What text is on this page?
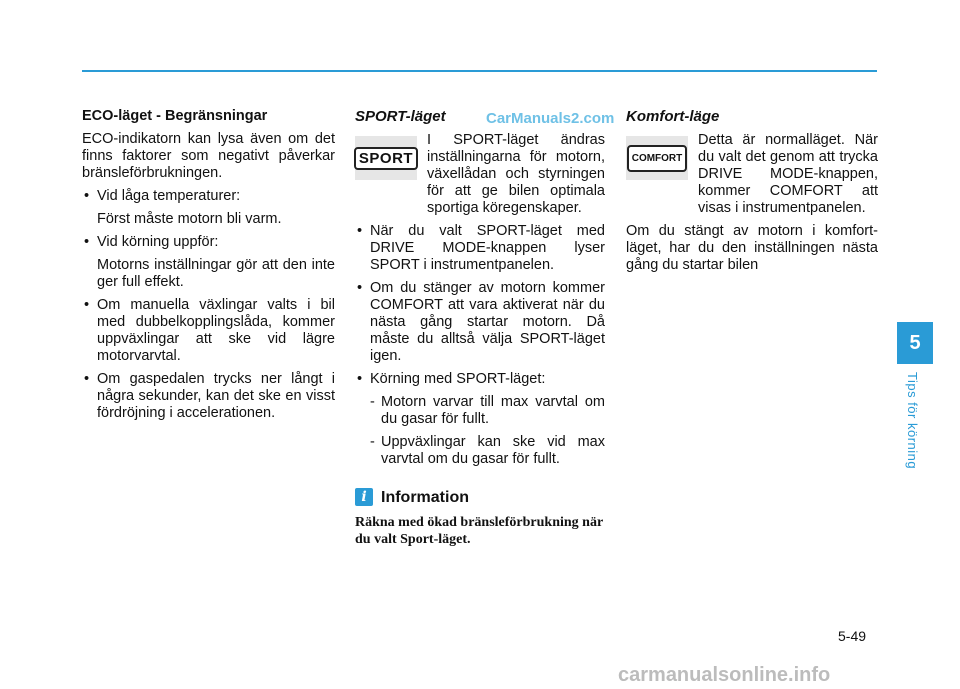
ECO-läget - Begränsningar

ECO-indikatorn kan lysa även om det finns faktorer som negativt påverkar bränsleförbrukningen.

• Vid låga temperaturer:
Först måste motorn bli varm.
• Vid körning uppför:
Motorns inställningar gör att den inte ger full effekt.
• Om manuella växlingar valts i bil med dubbelkopplingslåda, kommer uppväxlingar att ske vid lägre motorvarvtal.
• Om gaspedalen trycks ner långt i några sekunder, kan det ske en visst fördröjning i accelerationen.
SPORT-läget
SPORT
I SPORT-läget ändras inställningarna för motorn, växellådan och styrningen för att ge bilen optimala sportiga köregenskaper.
• När du valt SPORT-läget med DRIVE MODE-knappen lyser SPORT i instrumentpanelen.
• Om du stänger av motorn kommer COMFORT att vara aktiverat när du nästa gång startar motorn. Då måste du alltså välja SPORT-läget igen.
• Körning med SPORT-läget:
- Motorn varvar till max varvtal om du gasar för fullt.
- Uppväxlingar kan ske vid max varvtal om du gasar för fullt.
i Information
Räkna med ökad bränsleförbrukning när du valt Sport-läget.
CarManuals2.com Komfort-läge
COMFORT
Detta är normalläget. När du valt det genom att trycka DRIVE MODE-knappen, kommer COMFORT att visas i instrumentpanelen.

Om du stängt av motorn i komfort-läget, har du den inställningen nästa gång du startar bilen

5
Tips för körning
5-49
carmanualsonline.info
